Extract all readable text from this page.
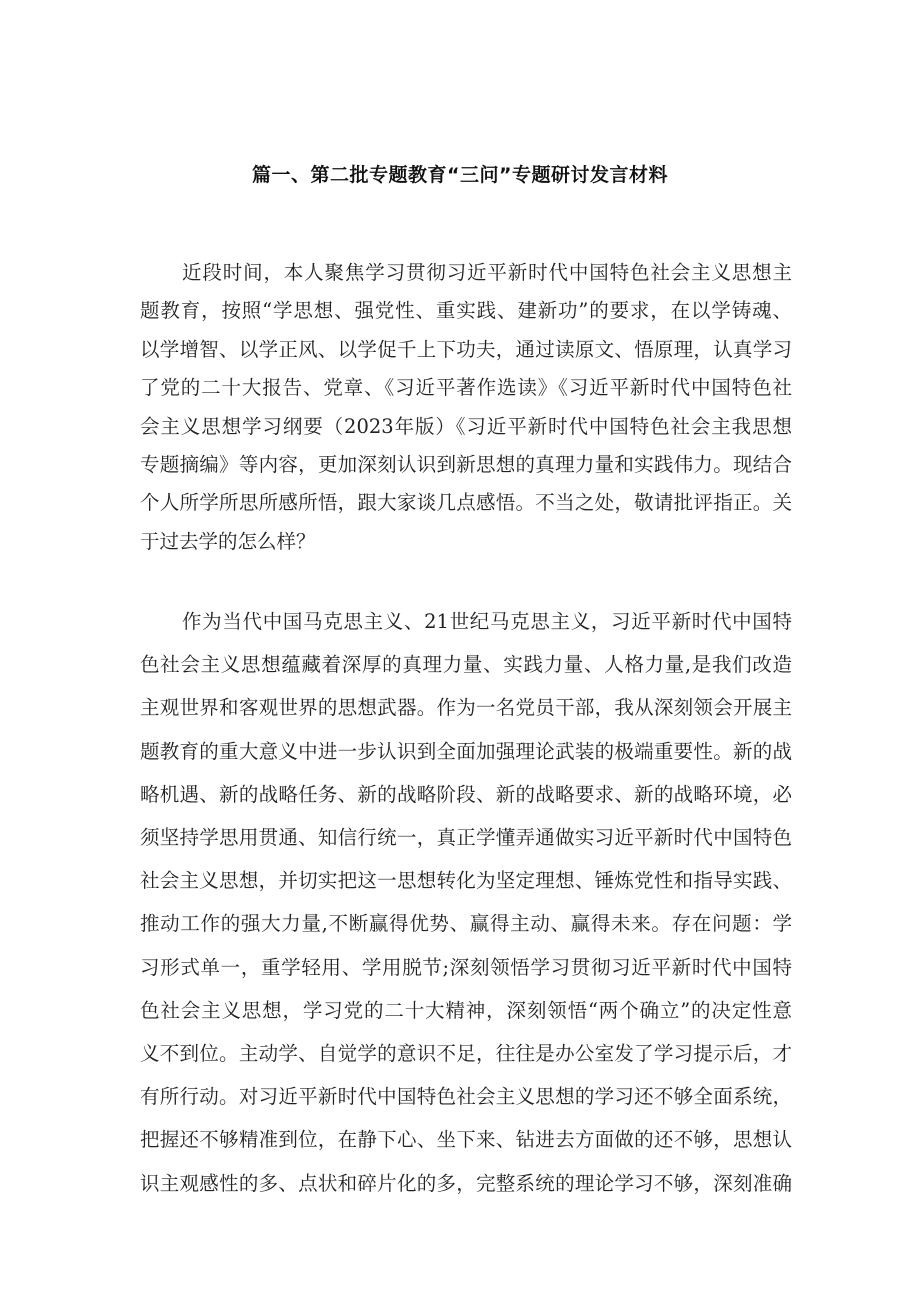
篇一、第二批专题教育“三问”专题研讨发言材料
近段时间，本人聚焦学习贯彻习近平新时代中国特色社会主义思想主
题教育，按照“学思想、强党性、重实践、建新功”的要求，在以学铸魂、
以学增智、以学正风、以学促千上下功夫，通过读原文、悟原理，认真学习
了党的二十大报告、党章、《习近平著作选读》《习近平新时代中国特色社
会主义思想学习纲要（2023年版）《习近平新时代中国特色社会主我思想
专题摘编》等内容，更加深刻认识到新思想的真理力量和实践伟力。现结合
个人所学所思所感所悟，跟大家谈几点感悟。不当之处，敬请批评指正。关
于过去学的怎么样？
作为当代中国马克思主义、21世纪马克思主义，习近平新时代中国特
色社会主义思想蕴藏着深厚的真理力量、实践力量、人格力量,是我们改造
主观世界和客观世界的思想武器。作为一名党员干部，我从深刻领会开展主
题教育的重大意义中进一步认识到全面加强理论武装的极端重要性。新的战
略机遇、新的战略任务、新的战略阶段、新的战略要求、新的战略环境，必
须坚持学思用贯通、知信行统一，真正学懂弄通做实习近平新时代中国特色
社会主义思想，并切实把这一思想转化为坚定理想、锤炼党性和指导实践、
推动工作的强大力量,不断赢得优势、赢得主动、赢得未来。存在问题：学
习形式单一，重学轻用、学用脱节;深刻领悟学习贯彻习近平新时代中国特
色社会主义思想，学习党的二十大精神，深刻领悟“两个确立”的决定性意
义不到位。主动学、自觉学的意识不足，往往是办公室发了学习提示后，才
有所行动。对习近平新时代中国特色社会主义思想的学习还不够全面系统，
把握还不够精准到位，在静下心、坐下来、钻进去方面做的还不够，思想认
识主观感性的多、点状和碎片化的多，完整系统的理论学习不够，深刻准确
